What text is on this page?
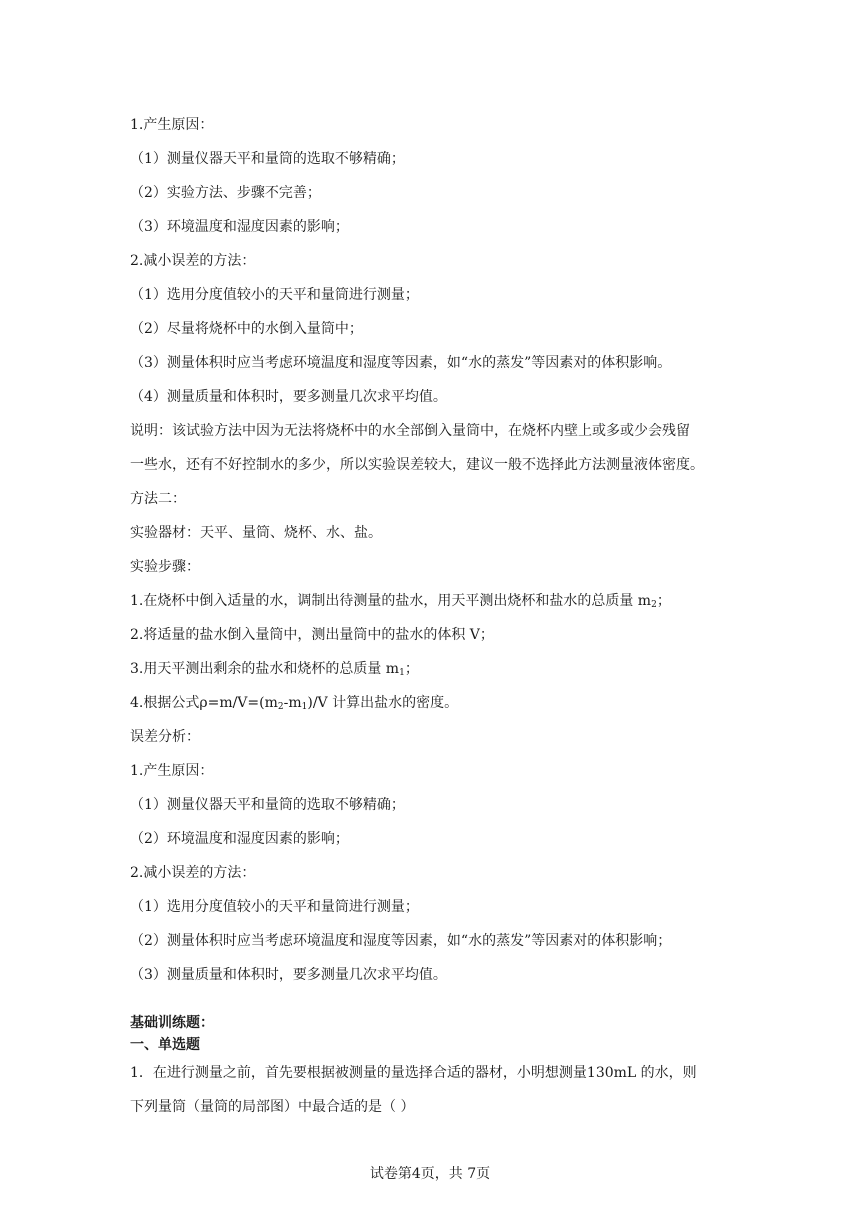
1.产生原因：
（1）测量仪器天平和量筒的选取不够精确；
（2）实验方法、步骤不完善；
（3）环境温度和湿度因素的影响；
2.减小误差的方法：
（1）选用分度值较小的天平和量筒进行测量；
（2）尽量将烧杯中的水倒入量筒中；
（3）测量体积时应当考虑环境温度和湿度等因素，如“水的蒸发”等因素对的体积影响。
（4）测量质量和体积时，要多测量几次求平均值。
说明：该试验方法中因为无法将烧杯中的水全部倒入量筒中，在烧杯内壁上或多或少会残留
一些水，还有不好控制水的多少，所以实验误差较大，建议一般不选择此方法测量液体密度。
方法二：
实验器材：天平、量筒、烧杯、水、盐。
实验步骤：
1.在烧杯中倒入适量的水，调制出待测量的盐水，用天平测出烧杯和盐水的总质量 $m_2$；
2.将适量的盐水倒入量筒中，测出量筒中的盐水的体积 V；
3.用天平测出剩余的盐水和烧杯的总质量 $m_1$；
4.根据公式$\rho=m/V=(m_2-m_1)/V$ 计算出盐水的密度。
误差分析：
1.产生原因：
（1）测量仪器天平和量筒的选取不够精确；
（2）环境温度和湿度因素的影响；
2.减小误差的方法：
（1）选用分度值较小的天平和量筒进行测量；
（2）测量体积时应当考虑环境温度和湿度等因素，如“水的蒸发”等因素对的体积影响；
（3）测量质量和体积时，要多测量几次求平均值。
基础训练题：
一、单选题
1．在进行测量之前，首先要根据被测量的量选择合适的器材，小明想测量130mL 的水，则
下列量筒（量筒的局部图）中最合适的是（ ）
试卷第4页，共 7页
